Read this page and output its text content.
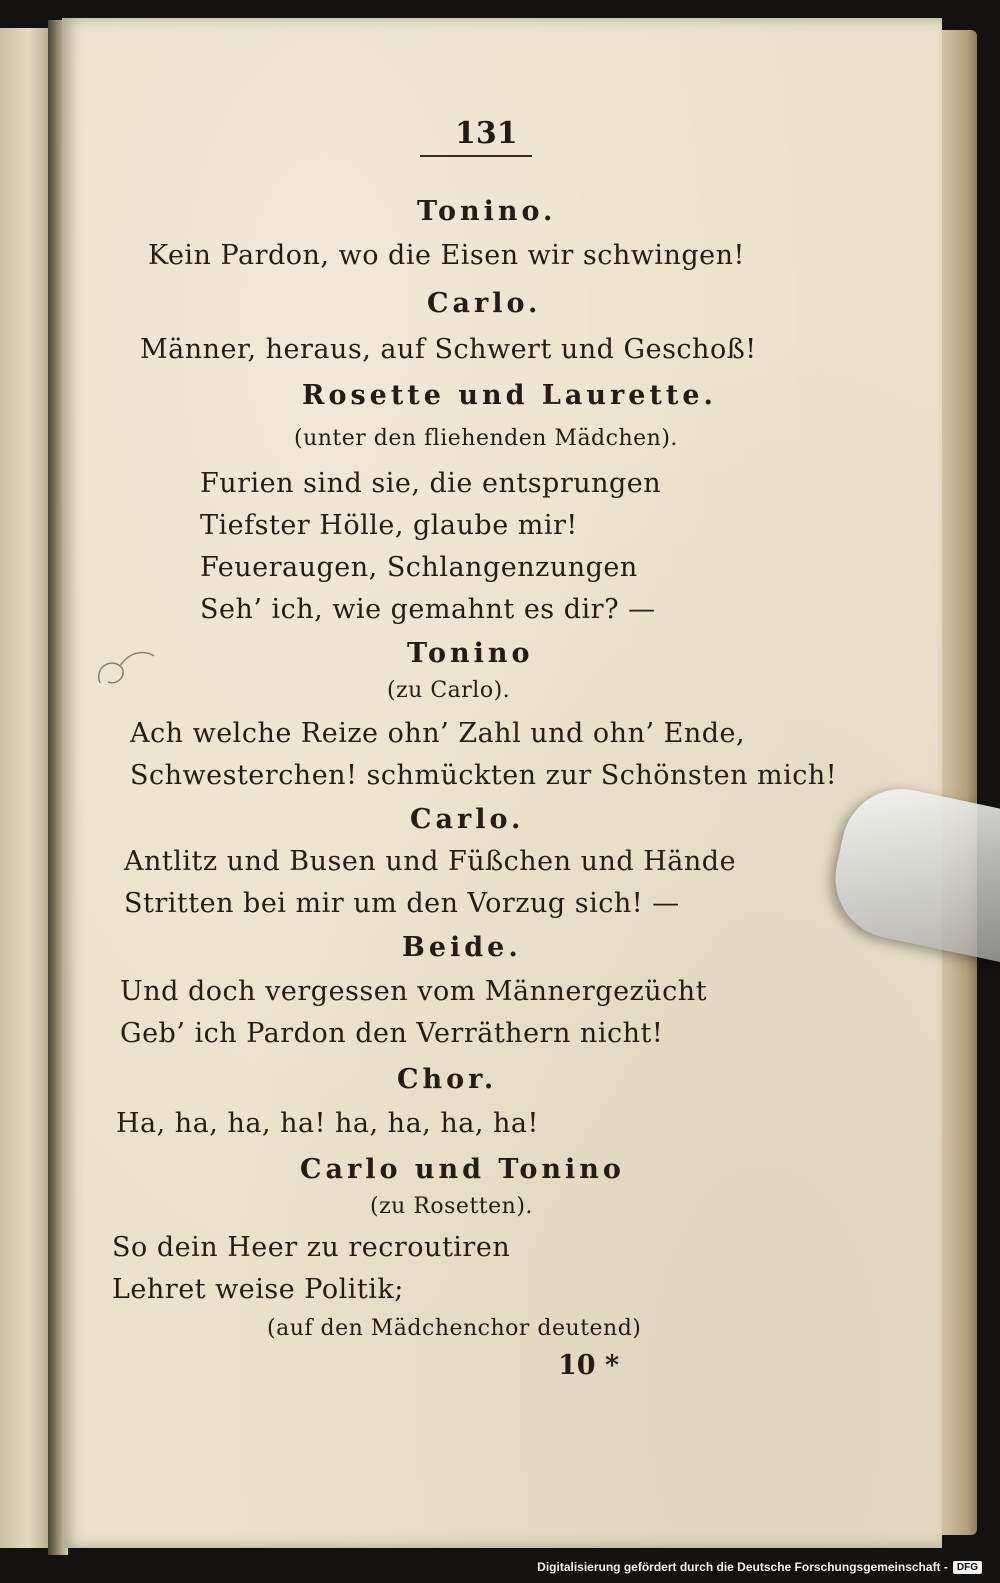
131
Tonino.
Kein Pardon, wo die Eisen wir schwingen!
Carlo.
Männer, heraus, auf Schwert und Geschoß!
Rosette und Laurette.
(unter den fliehenden Mädchen).
Furien sind sie, die entsprungen
Tiefster Hölle, glaube mir!
Feueraugen, Schlangenzungen
Seh’ ich, wie gemahnt es dir? —
Tonino
(zu Carlo).
Ach welche Reize ohn’ Zahl und ohn’ Ende,
Schwesterchen! schmückten zur Schönsten mich!
Carlo.
Antlitz und Busen und Füßchen und Hände
Stritten bei mir um den Vorzug sich! —
Beide.
Und doch vergessen vom Männergezücht
Geb’ ich Pardon den Verräthern nicht!
Chor.
Ha, ha, ha, ha! ha, ha, ha, ha!
Carlo und Tonino
(zu Rosetten).
So dein Heer zu recroutiren
Lehret weise Politik;
(auf den Mädchenchor deutend)
10 *
Digitalisierung gefördert durch die Deutsche Forschungsgemeinschaft - DFG
